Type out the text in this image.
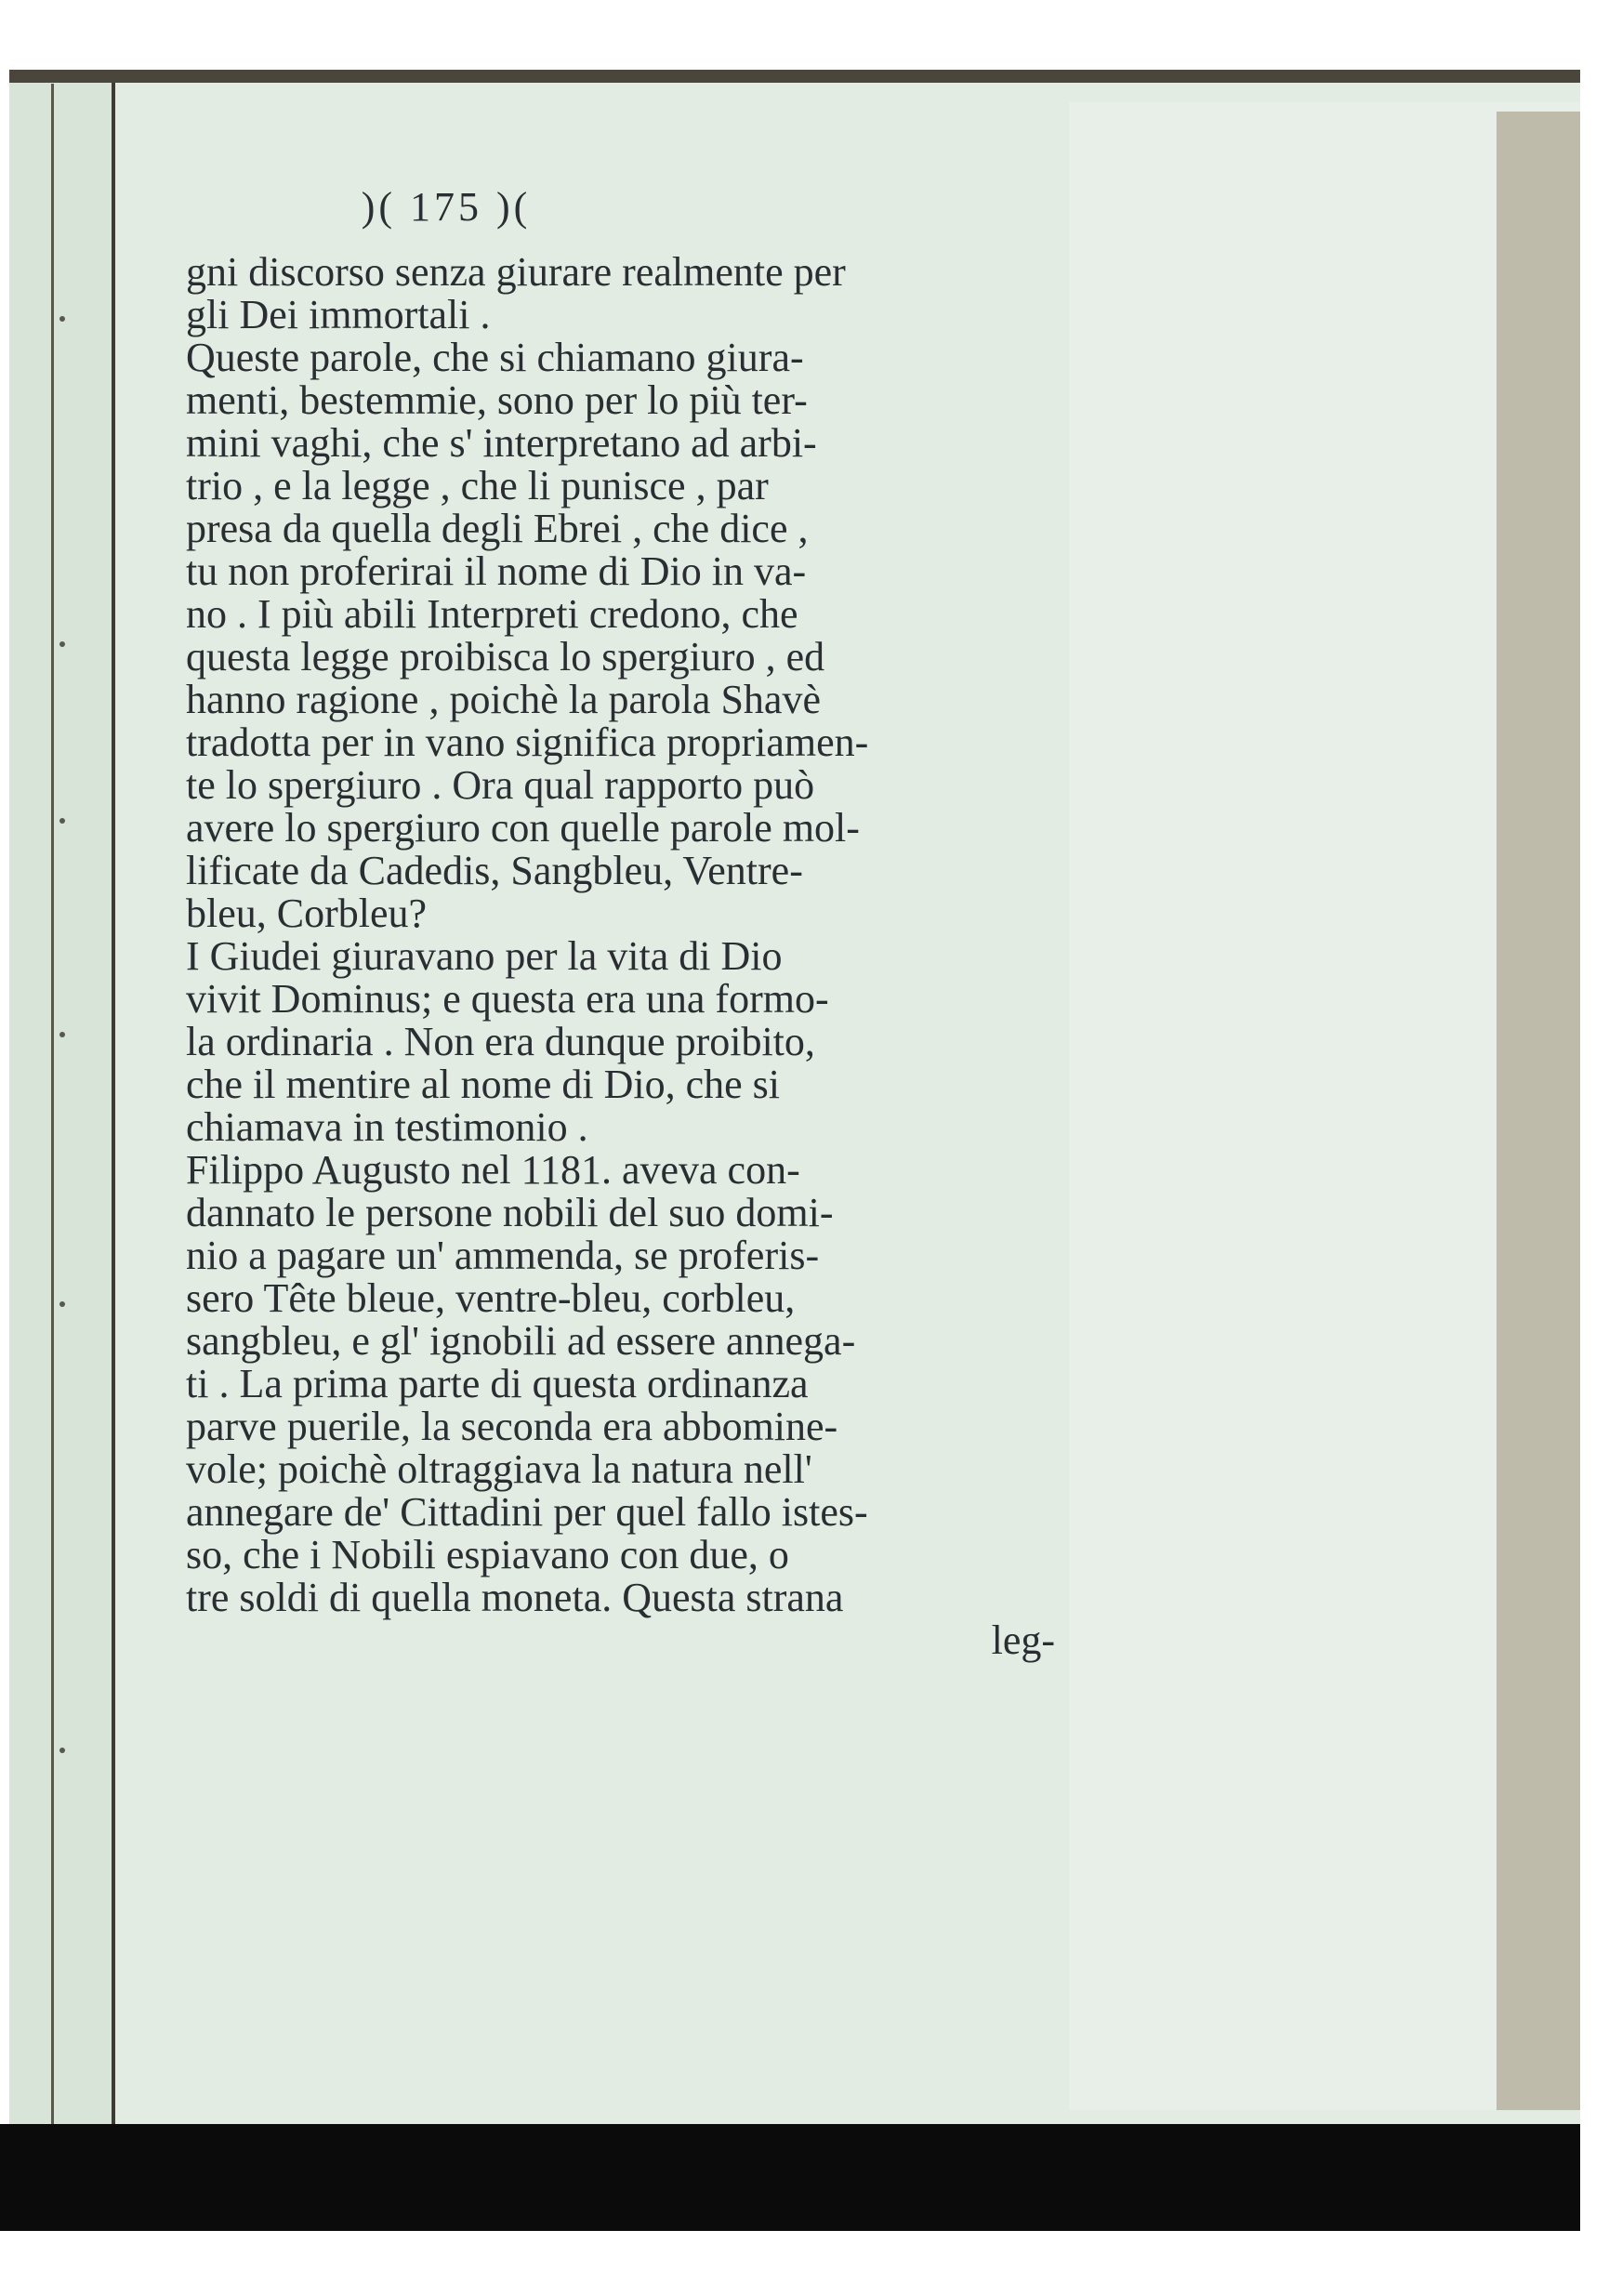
)( 175 )(
gni discorso senza giurare realmente per
gli Dei immortali .
Queste parole, che si chiamano giura-
menti, bestemmie, sono per lo più ter-
mini vaghi, che s' interpretano ad arbi-
trio , e la legge , che li punisce , par
presa da quella degli Ebrei , che dice ,
tu non proferirai il nome di Dio in va-
no . I più abili Interpreti credono, che
questa legge proibisca lo spergiuro , ed
hanno ragione , poichè la parola Shavè
tradotta per in vano significa propriamen-
te lo spergiuro . Ora qual rapporto può
avere lo spergiuro con quelle parole mol-
lificate da Cadedis, Sangbleu, Ventre-
bleu, Corbleu?
I Giudei giuravano per la vita di Dio
vivit Dominus; e questa era una formo-
la ordinaria . Non era dunque proibito,
che il mentire al nome di Dio, che si
chiamava in testimonio .
Filippo Augusto nel 1181. aveva con-
dannato le persone nobili del suo domi-
nio a pagare un' ammenda, se proferis-
sero Tête bleue, ventre-bleu, corbleu,
sangbleu, e gl' ignobili ad essere annega-
ti . La prima parte di questa ordinanza
parve puerile, la seconda era abbomine-
vole; poichè oltraggiava la natura nell'
annegare de' Cittadini per quel fallo istes-
so, che i Nobili espiavano con due, o
tre soldi di quella moneta. Questa strana
leg-
